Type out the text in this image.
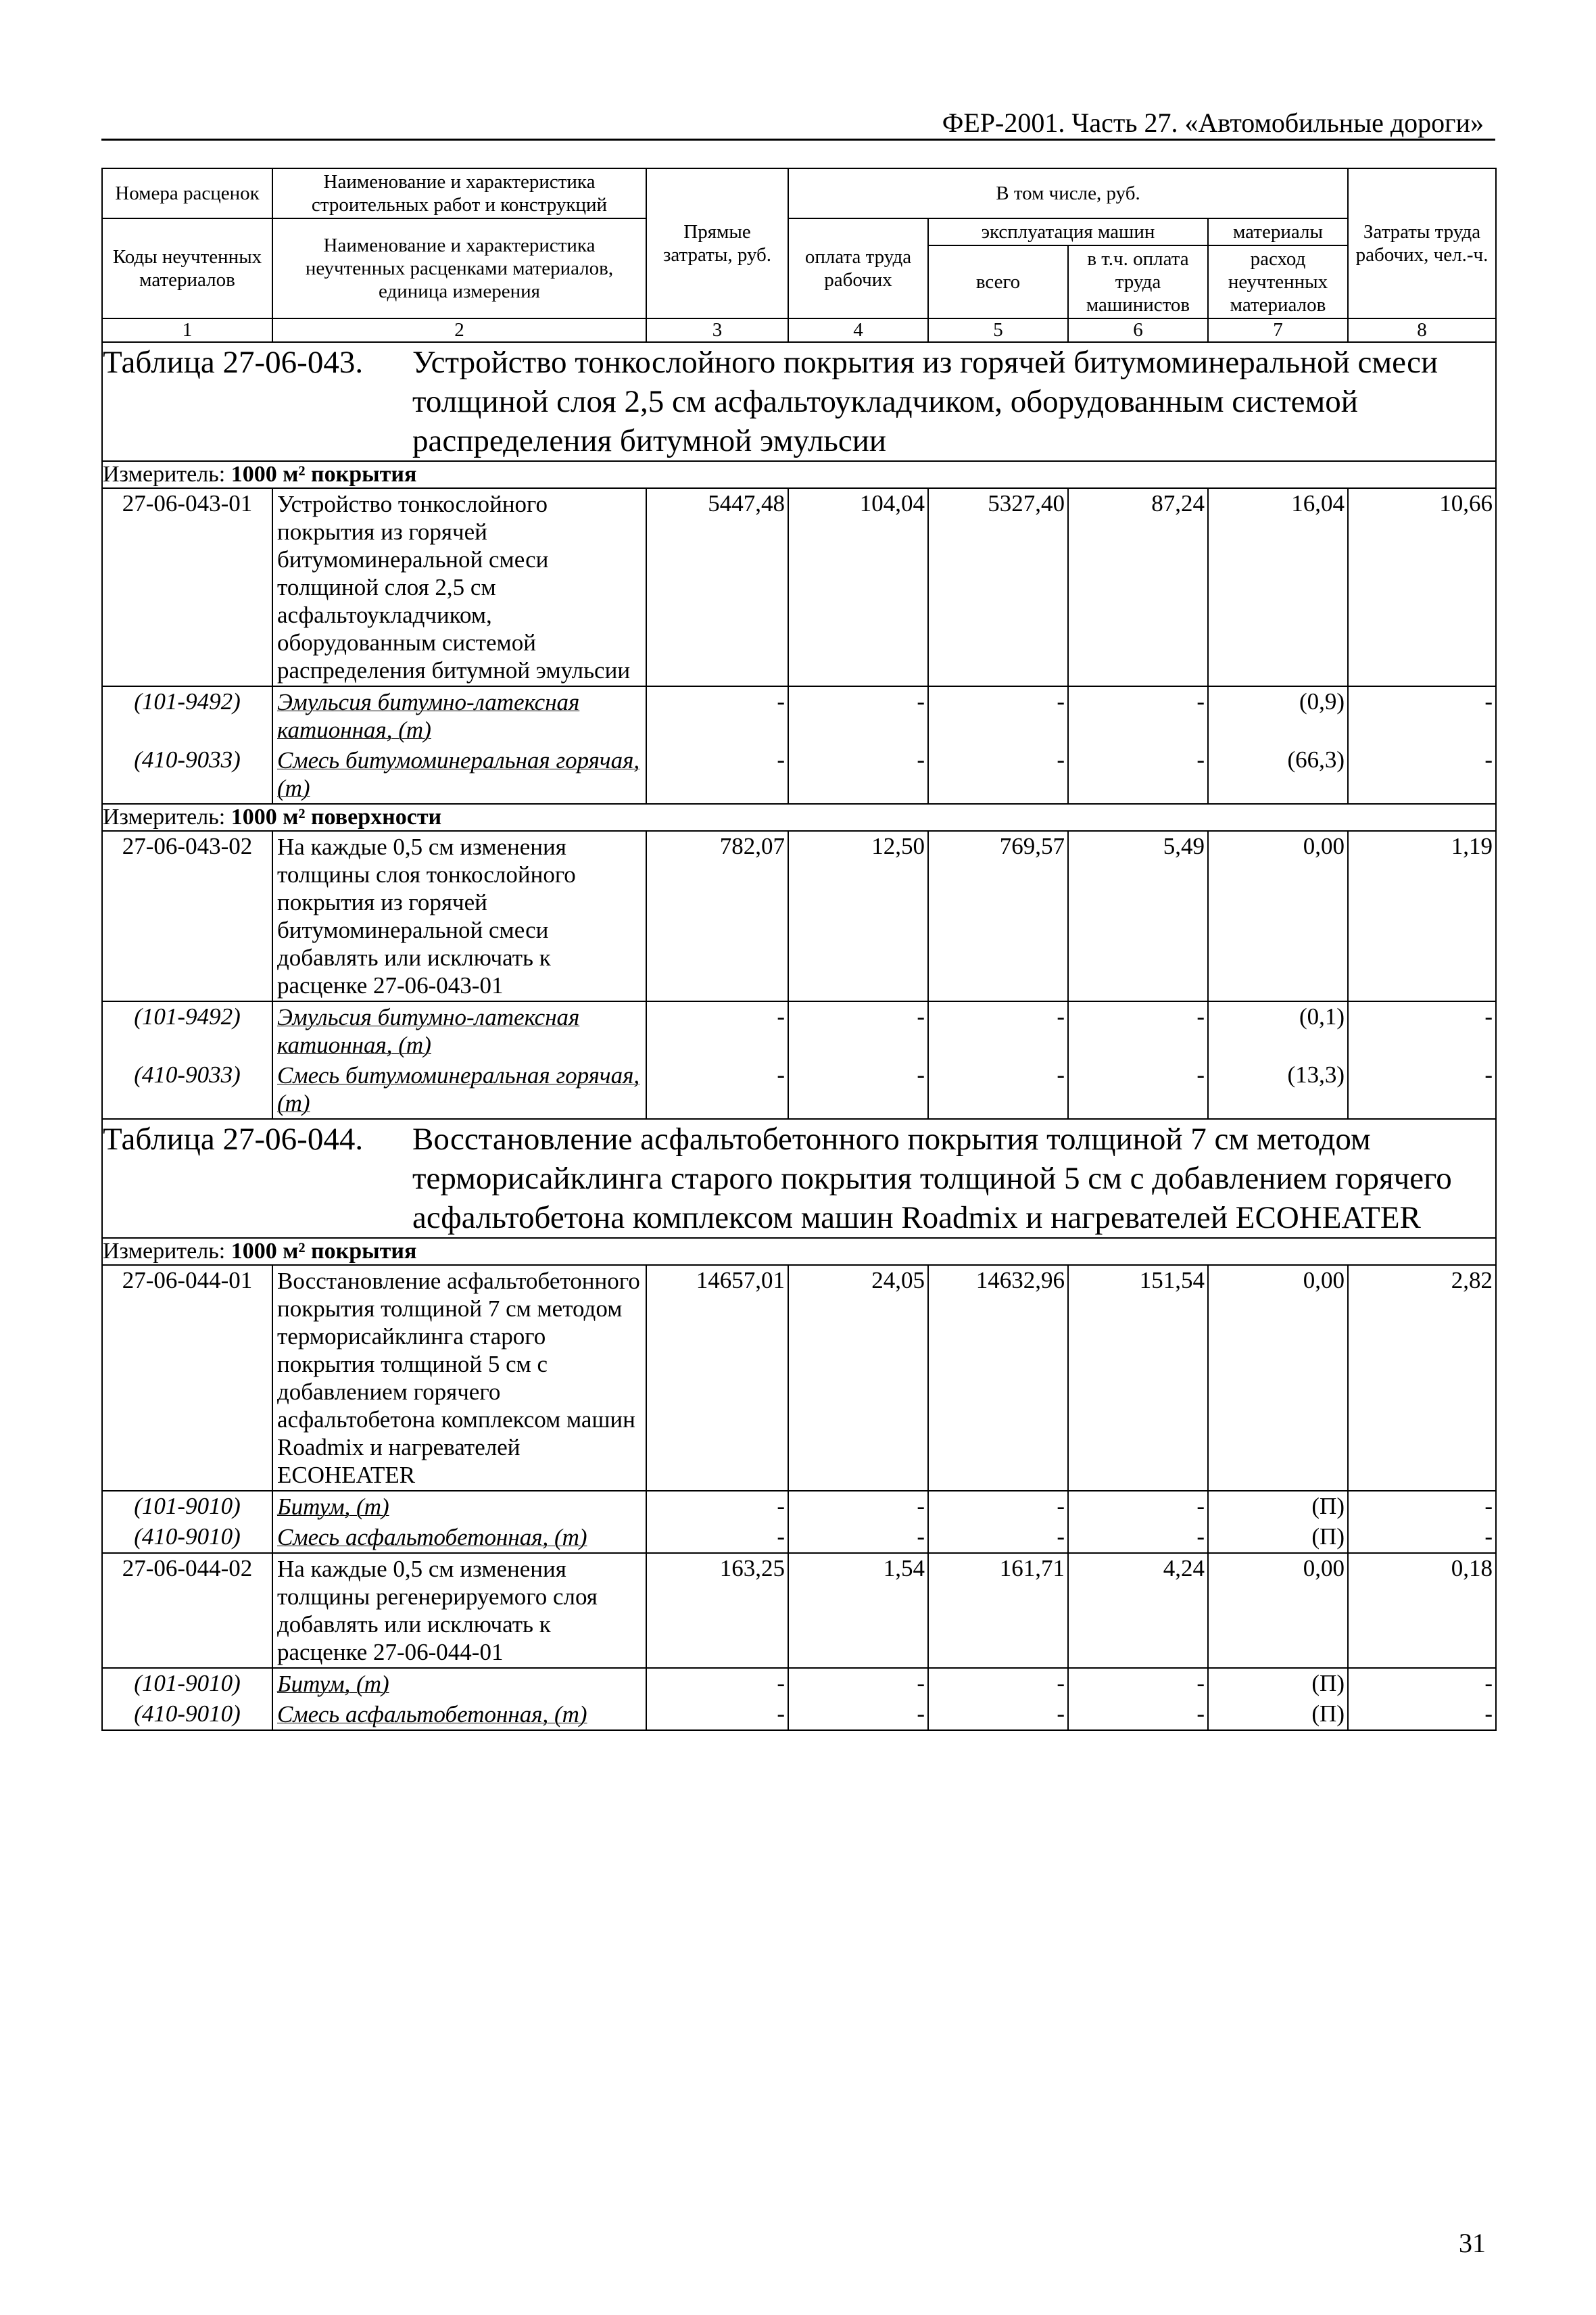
ФЕР-2001. Часть 27. «Автомобильные дороги»
Номера расценок	Наименование и характеристика строительных работ и конструкций	Прямые затраты, руб.	В том числе, руб.				Затраты труда рабочих, чел.-ч.
Коды неучтенных материалов	Наименование и характеристика неучтенных расценками материалов, единица измерения		оплата труда рабочих	эксплуатация машин		материалы	
				всего	в т.ч. оплата труда машинистов	расход неучтенных материалов	
1	2	3	4	5	6	7	8
Таблица 27-06-043. Устройство тонкослойного покрытия из горячей битумоминеральной смеси толщиной слоя 2,5 см асфальтоукладчиком, оборудованным системой распределения битумной эмульсии							
Измеритель: 1000 м² покрытия							
27-06-043-01	Устройство тонкослойного покрытия из горячей битумоминеральной смеси толщиной слоя 2,5 см асфальтоукладчиком, оборудованным системой распределения битумной эмульсии	5447,48	104,04	5327,40	87,24	16,04	10,66
(101-9492)	Эмульсия битумно-латексная катионная, (т)	-	-	-	-	(0,9)	-
(410-9033)	Смесь битумоминеральная горячая, (т)	-	-	-	-	(66,3)	-
Измеритель: 1000 м² поверхности							
27-06-043-02	На каждые 0,5 см изменения толщины слоя тонкослойного покрытия из горячей битумоминеральной смеси добавлять или исключать к расценке 27-06-043-01	782,07	12,50	769,57	5,49	0,00	1,19
(101-9492)	Эмульсия битумно-латексная катионная, (т)	-	-	-	-	(0,1)	-
(410-9033)	Смесь битумоминеральная горячая, (т)	-	-	-	-	(13,3)	-
Таблица 27-06-044. Восстановление асфальтобетонного покрытия толщиной 7 см методом терморисайклинга старого покрытия толщиной 5 см с добавлением горячего асфальтобетона комплексом машин Roadmix и нагревателей ECOHEATER							
Измеритель: 1000 м² покрытия							
27-06-044-01	Восстановление асфальтобетонного покрытия толщиной 7 см методом терморисайклинга старого покрытия толщиной 5 см с добавлением горячего асфальтобетона комплексом машин Roadmix и нагревателей ECOHEATER	14657,01	24,05	14632,96	151,54	0,00	2,82
(101-9010)	Битум, (т)	-	-	-	-	(П)	-
(410-9010)	Смесь асфальтобетонная, (т)	-	-	-	-	(П)	-
27-06-044-02	На каждые 0,5 см изменения толщины регенерируемого слоя добавлять или исключать к расценке 27-06-044-01	163,25	1,54	161,71	4,24	0,00	0,18
(101-9010)	Битум, (т)	-	-	-	-	(П)	-
(410-9010)	Смесь асфальтобетонная, (т)	-	-	-	-	(П)	-
31
